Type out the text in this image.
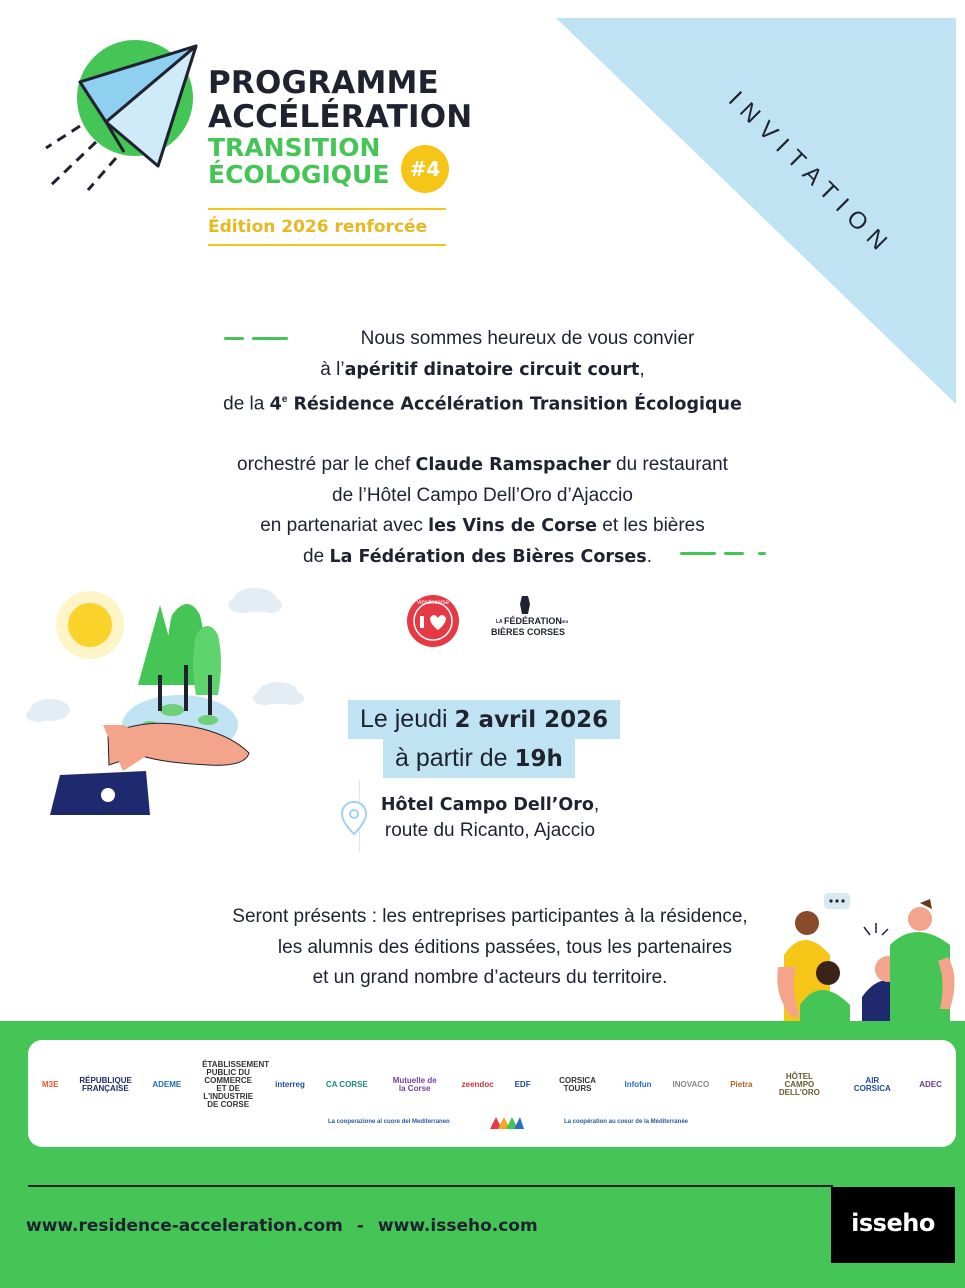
INVITATION
PROGRAMME
ACCÉLÉRATION
TRANSITION
ÉCOLOGIQUE	#4
Édition 2026 renforcée
Nous sommes heureux de vous convier
à l’apéritif dinatoire circuit court,
de la 4e Résidence Accélération Transition Écologique
orchestré par le chef Claude Ramspacher du restaurant
de l’Hôtel Campo Dell’Oro d’Ajaccio
en partenariat avec les Vins de Corse et les bières
de La Fédération des Bières Corses.
vinsdecorse
LA FÉDÉRATION
DES
BIÈRES CORSES
Le jeudi 2 avril 2026
à partir de 19h
Hôtel Campo Dell’Oro,
route du Ricanto, Ajaccio
Seront présents : les entreprises participantes à la résidence,
les alumnis des éditions passées, tous les partenaires
et un grand nombre d’acteurs du territoire.
M3E	RÉPUBLIQUE FRANÇAISE	ADEME
ÉTABLISSEMENT PUBLIC DU COMMERCE ET DE L'INDUSTRIE DE CORSE
interreg	CA CORSE	Mutuelle de la Corse	zeendoc	EDF	CORSICA TOURS	Infofun	INOVACO	Pietra
HÔTEL CAMPO DELL'ORO
AIR CORSICA	ADEC
La cooperazione al cuore del Mediterraneo	La coopération au coeur de la Méditerranée
www.residence-acceleration.com - www.isseho.com	isseho
